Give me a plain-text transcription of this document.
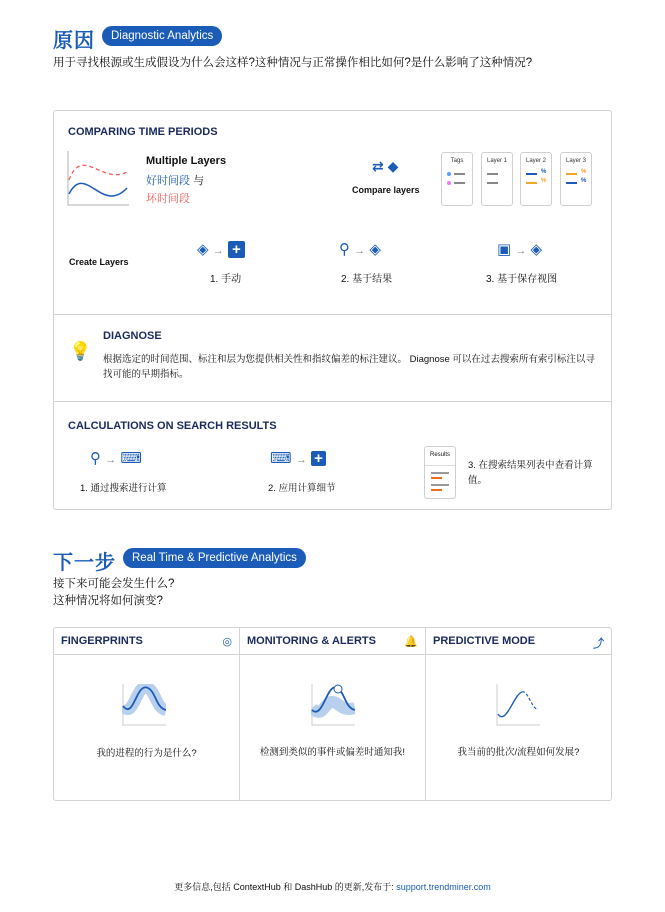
原因	Diagnostic Analytics
用于寻找根源或生成假设为什么会这样?这种情况与正常操作相比如何?是什么影响了这种情况?
COMPARING TIME PERIODS
Multiple Layers
好时间段 与
坏时间段
⇄ ◆
Compare layers
Tags	Layer 1	Layer 2
%
%
Layer 3
%
%
Create Layers
◈ → +	⚲ → ◈	▣ → ◈
1. 手动	2. 基于结果	3. 基于保存视图
💡
DIAGNOSE
根据选定的时间范围、标注和层为您提供相关性和指纹偏差的标注建议。 Diagnose 可以在过去搜索所有索引标注以寻找可能的早期指标。
CALCULATIONS ON SEARCH RESULTS
⚲ → ⌨	⌨ → +
1. 通过搜索进行计算	2. 应用计算细节
Results
3. 在搜索结果列表中查看计算值。
下一步	Real Time & Predictive Analytics
接下来可能会发生什么?
这种情况将如何演变?
FINGERPRINTS	◎
我的进程的行为是什么?
MONITORING & ALERTS	🔔
检测到类似的事件或偏差时通知我!
PREDICTIVE MODE	⤴
我当前的批次/流程如何发展?
更多信息,包括 ContextHub 和 DashHub 的更新,发布于: support.trendminer.com
